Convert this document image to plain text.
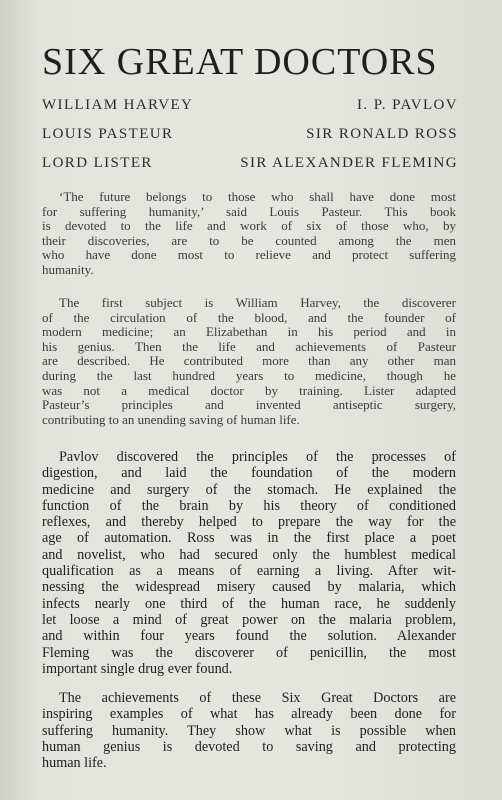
SIX GREAT DOCTORS
WILLIAM HARVEY	I. P. PAVLOV
LOUIS PASTEUR	SIR RONALD ROSS
LORD LISTER	SIR ALEXANDER FLEMING
‘The future belongs to those who shall have done most
for suffering humanity,’ said Louis Pasteur. This book
is devoted to the life and work of six of those who, by
their discoveries, are to be counted among the men
who have done most to relieve and protect suffering
humanity.
The first subject is William Harvey, the discoverer
of the circulation of the blood, and the founder of
modern medicine; an Elizabethan in his period and in
his genius. Then the life and achievements of Pasteur
are described. He contributed more than any other man
during the last hundred years to medicine, though he
was not a medical doctor by training. Lister adapted
Pasteur’s principles and invented antiseptic surgery,
contributing to an unending saving of human life.
Pavlov discovered the principles of the processes of
digestion, and laid the foundation of the modern
medicine and surgery of the stomach. He explained the
function of the brain by his theory of conditioned
reflexes, and thereby helped to prepare the way for the
age of automation. Ross was in the first place a poet
and novelist, who had secured only the humblest medical
qualification as a means of earning a living. After wit-
nessing the widespread misery caused by malaria, which
infects nearly one third of the human race, he suddenly
let loose a mind of great power on the malaria problem,
and within four years found the solution. Alexander
Fleming was the discoverer of penicillin, the most
important single drug ever found.
The achievements of these Six Great Doctors are
inspiring examples of what has already been done for
suffering humanity. They show what is possible when
human genius is devoted to saving and protecting
human life.
